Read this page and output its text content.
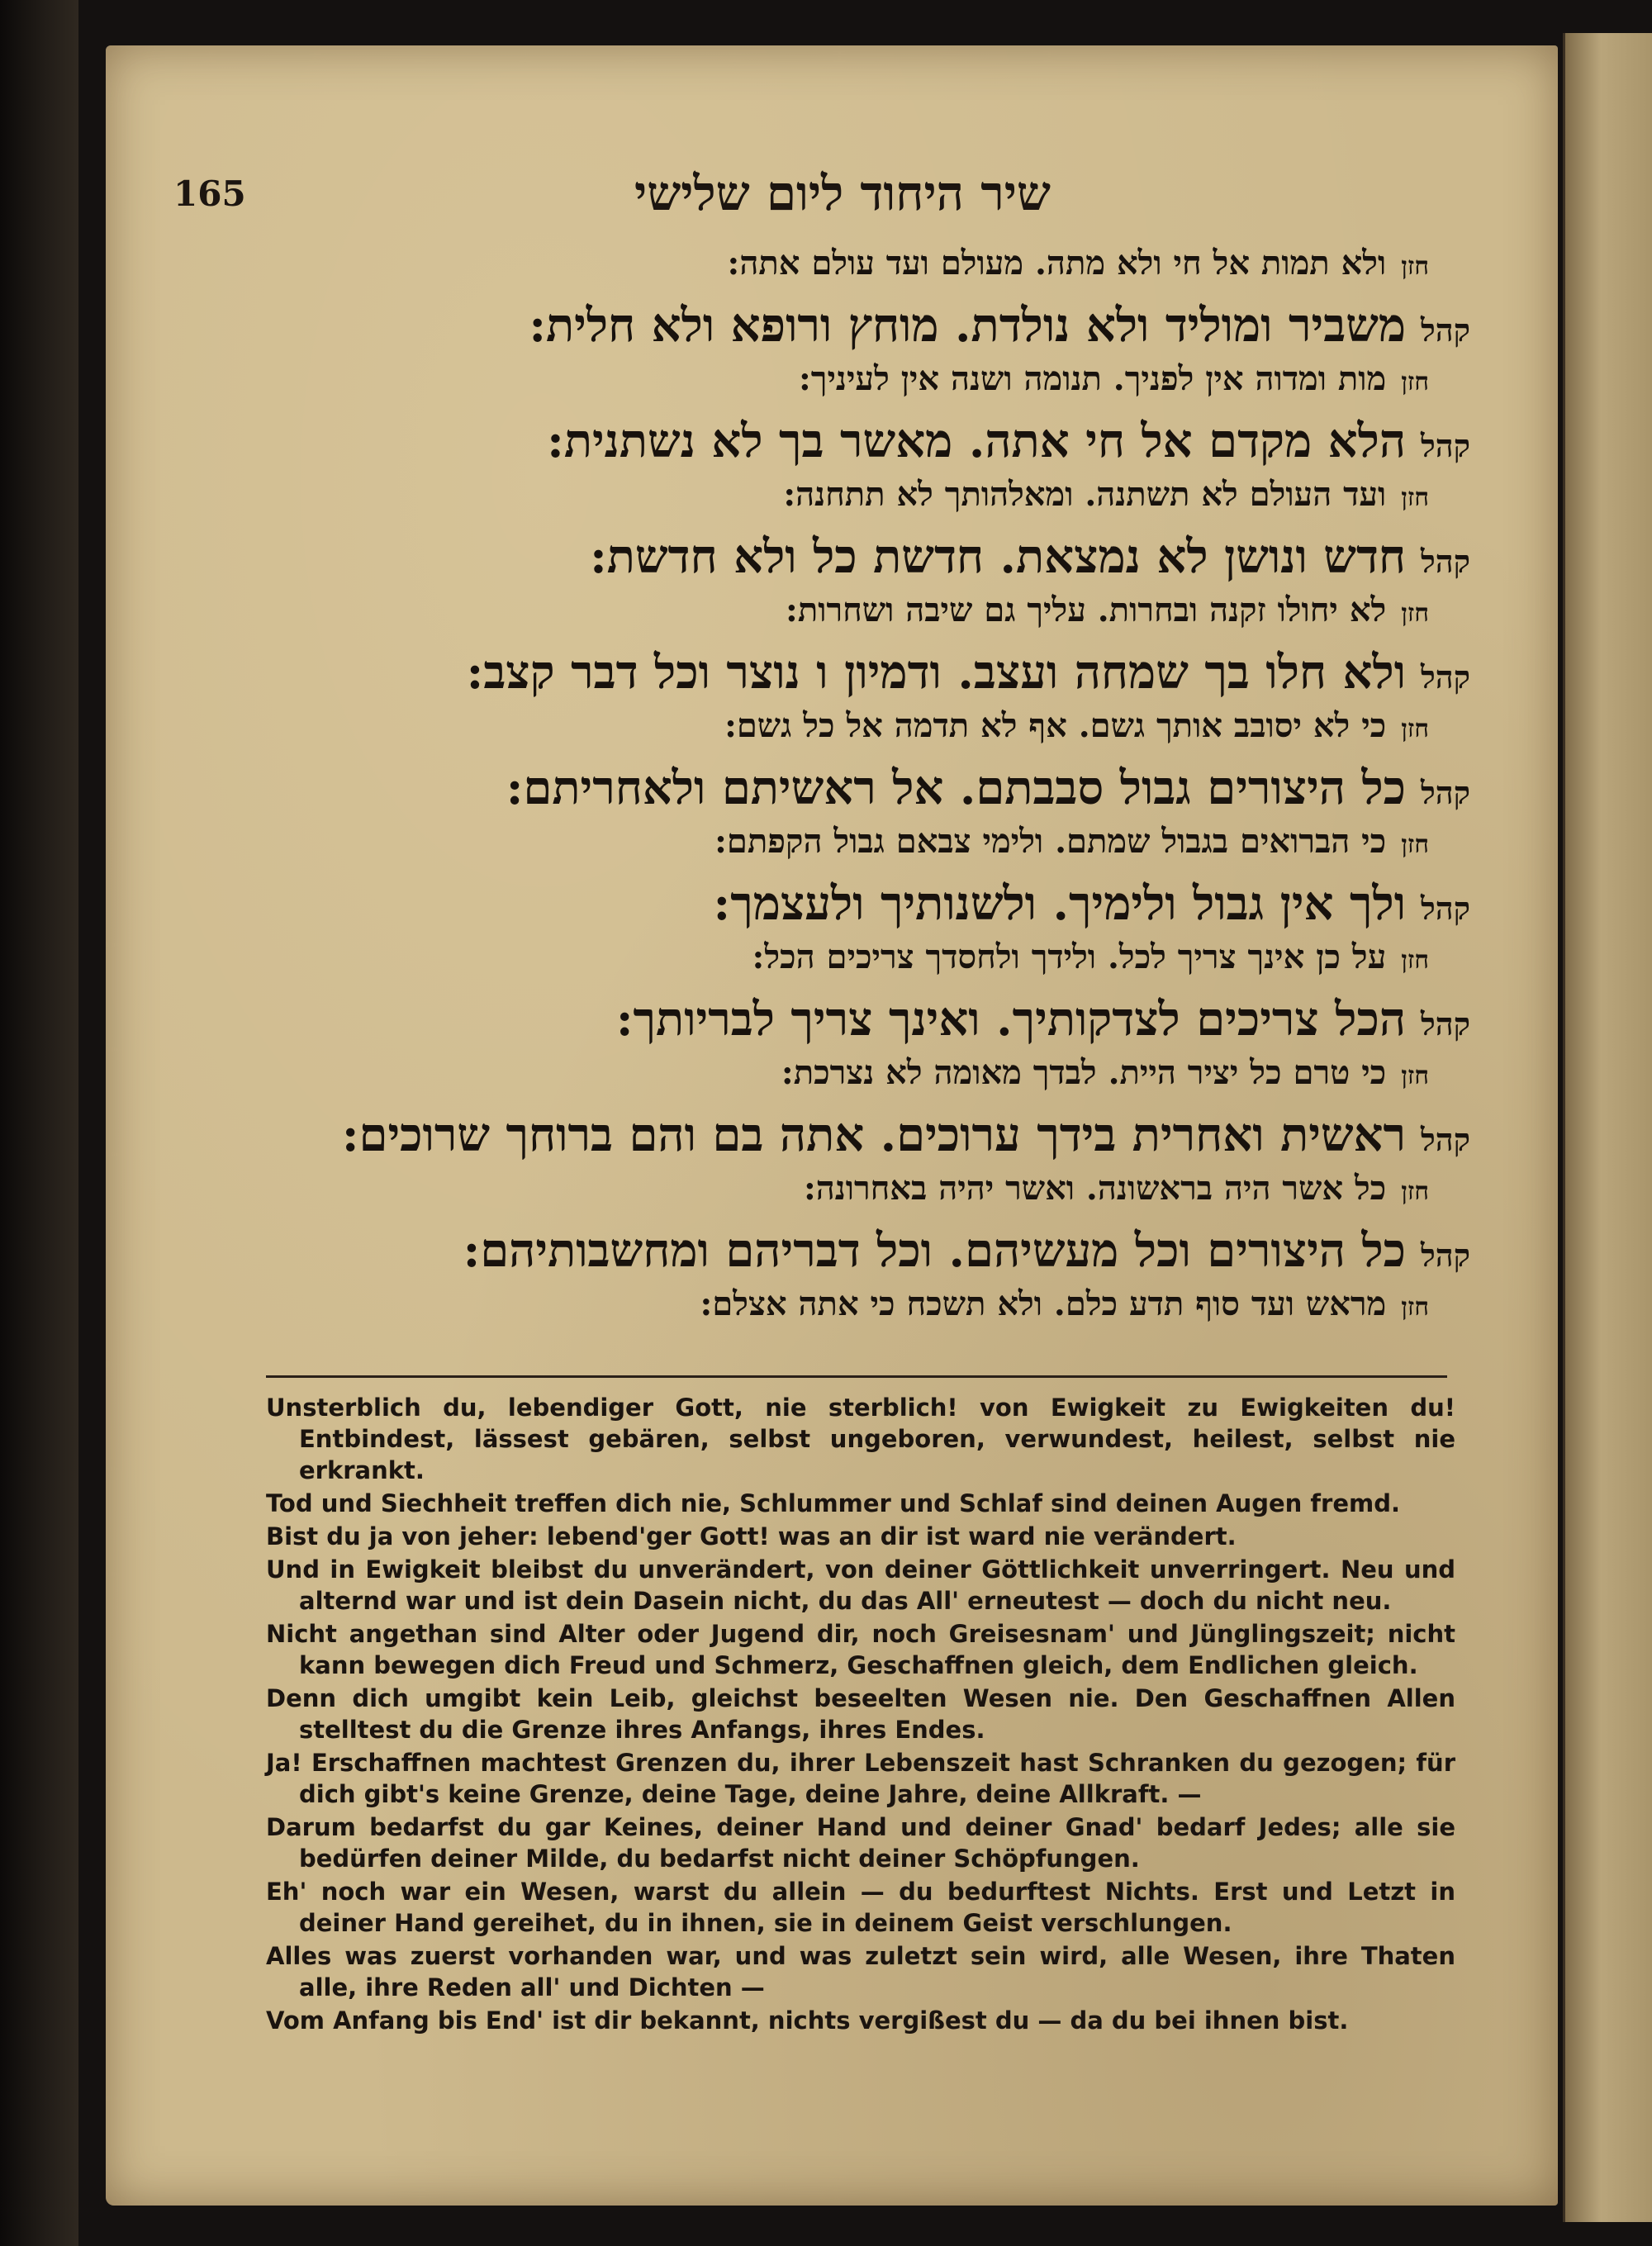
165	שיר היחוד ליום שלישי
חזן
ולא תמות אל חי ולא מתה. מעולם ועד עולם אתה:
קהל
משביר ומוליד ולא נולדת. מוחץ ורופא ולא חלית:
חזן
מות ומדוה אין לפניך. תנומה ושנה אין לעיניך:
קהל
הלא מקדם אל חי אתה. מאשר בך לא נשתנית:
חזן
ועד העולם לא תשתנה. ומאלהותך לא תתחנה:
קהל
חדש ונושן לא נמצאת. חדשת כל ולא חדשת:
חזן
לא יחולו זקנה ובחרות. עליך גם שיבה ושחרות:
קהל
ולא חלו בך שמחה ועצב. ודמיון ו נוצר וכל דבר קצב:
חזן
כי לא יסובב אותך גשם. אף לא תדמה אל כל גשם:
קהל
כל היצורים גבול סבבתם. אל ראשיתם ולאחריתם:
חזן
כי הברואים בגבול שמתם. ולימי צבאם גבול הקפתם:
קהל
ולך אין גבול ולימיך. ולשנותיך ולעצמך:
חזן
על כן אינך צריך לכל. ולידך ולחסדך צריכים הכל:
קהל
הכל צריכים לצדקותיך. ואינך צריך לבריותך:
חזן
כי טרם כל יציר היית. לבדך מאומה לא נצרכת:
קהל
ראשית ואחרית בידך ערוכים. אתה בם והם ברוחך שרוכים:
חזן
כל אשר היה בראשונה. ואשר יהיה באחרונה:
קהל
כל היצורים וכל מעשיהם. וכל דבריהם ומחשבותיהם:
חזן
מראש ועד סוף תדע כלם. ולא תשכח כי אתה אצלם:

Unsterblich du, lebendiger Gott, nie sterblich! von Ewigkeit zu Ewigkeiten du! Entbindest, lässest gebären, selbst ungeboren, verwundest, heilest, selbst nie erkrankt.

Tod und Siechheit treffen dich nie, Schlummer und Schlaf sind deinen Augen fremd.

Bist du ja von jeher: lebend'ger Gott! was an dir ist ward nie verändert.

Und in Ewigkeit bleibst du unverändert, von deiner Göttlichkeit unverringert. Neu und alternd war und ist dein Dasein nicht, du das All' erneutest — doch du nicht neu.

Nicht angethan sind Alter oder Jugend dir, noch Greisesnam' und Jünglingszeit; nicht kann bewegen dich Freud und Schmerz, Geschaffnen gleich, dem Endlichen gleich.

Denn dich umgibt kein Leib, gleichst beseelten Wesen nie. Den Geschaffnen Allen stelltest du die Grenze ihres Anfangs, ihres Endes.

Ja! Erschaffnen machtest Grenzen du, ihrer Lebenszeit hast Schranken du gezogen; für dich gibt's keine Grenze, deine Tage, deine Jahre, deine Allkraft. —

Darum bedarfst du gar Keines, deiner Hand und deiner Gnad' bedarf Jedes; alle sie bedürfen deiner Milde, du bedarfst nicht deiner Schöpfungen.

Eh' noch war ein Wesen, warst du allein — du bedurftest Nichts. Erst und Letzt in deiner Hand gereihet, du in ihnen, sie in deinem Geist verschlungen.

Alles was zuerst vorhanden war, und was zuletzt sein wird, alle Wesen, ihre Thaten alle, ihre Reden all' und Dichten —

Vom Anfang bis End' ist dir bekannt, nichts vergißest du — da du bei ihnen bist.
